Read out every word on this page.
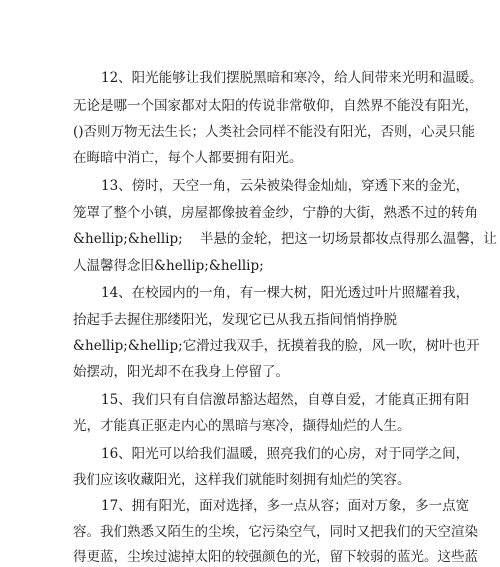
12、阳光能够让我们摆脱黑暗和寒冷，给人间带来光明和温暖。
无论是哪一个国家都对太阳的传说非常敬仰，自然界不能没有阳光，
()否则万物无法生长；人类社会同样不能没有阳光，否则，心灵只能
在晦暗中消亡，每个人都要拥有阳光。
13、傍时，天空一角，云朵被染得金灿灿，穿透下来的金光，
笼罩了整个小镇，房屋都像披着金纱，宁静的大街，熟悉不过的转角
&hellip;&hellip;    半悬的金轮，把这一切场景都妆点得那么温馨，让
人温馨得念旧&hellip;&hellip;
14、在校园内的一角，有一棵大树，阳光透过叶片照耀着我，
抬起手去握住那缕阳光，发现它已从我五指间悄悄挣脱
&hellip;&hellip;它滑过我双手，抚摸着我的脸，风一吹，树叶也开
始摆动，阳光却不在我身上停留了。
15、我们只有自信激昂豁达超然，自尊自爱，才能真正拥有阳
光，才能真正驱走内心的黑暗与寒冷，撷得灿烂的人生。
16、阳光可以给我们温暖，照亮我们的心房，对于同学之间，
我们应该收藏阳光，这样我们就能时刻拥有灿烂的笑容。
17、拥有阳光，面对选择，多一点从容；面对万象，多一点宽
容。我们熟悉又陌生的尘埃，它污染空气，同时又把我们的天空渲染
得更蓝，尘埃过滤掉太阳的较强颜色的光，留下较弱的蓝光。这些蓝
